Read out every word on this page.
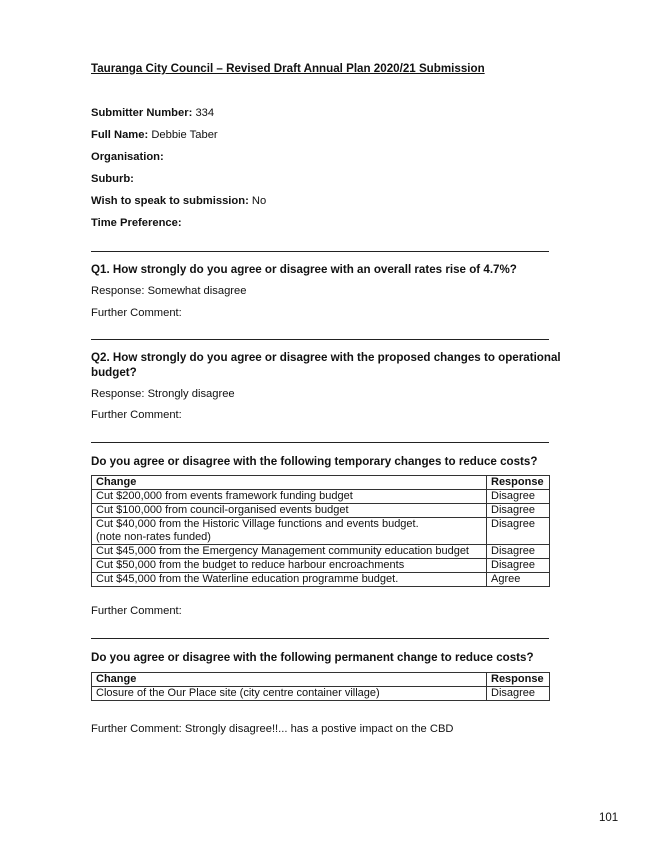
Tauranga City Council – Revised Draft Annual Plan 2020/21 Submission
Submitter Number: 334
Full Name: Debbie Taber
Organisation:
Suburb:
Wish to speak to submission: No
Time Preference:
Q1. How strongly do you agree or disagree with an overall rates rise of 4.7%?
Response: Somewhat disagree
Further Comment:
Q2. How strongly do you agree or disagree with the proposed changes to operational budget?
Response: Strongly disagree
Further Comment:
Do you agree or disagree with the following temporary changes to reduce costs?
Change	Response
Cut $200,000 from events framework funding budget	Disagree
Cut $100,000 from council-organised events budget	Disagree
Cut $40,000 from the Historic Village functions and events budget.
(note non-rates funded)	Disagree
Cut $45,000 from the Emergency Management community education budget	Disagree
Cut $50,000 from the budget to reduce harbour encroachments	Disagree
Cut $45,000 from the Waterline education programme budget.	Agree
Further Comment:
Do you agree or disagree with the following permanent change to reduce costs?
Change	Response
Closure of the Our Place site (city centre container village)	Disagree
Further Comment: Strongly disagree!!... has a postive impact on the CBD
101
